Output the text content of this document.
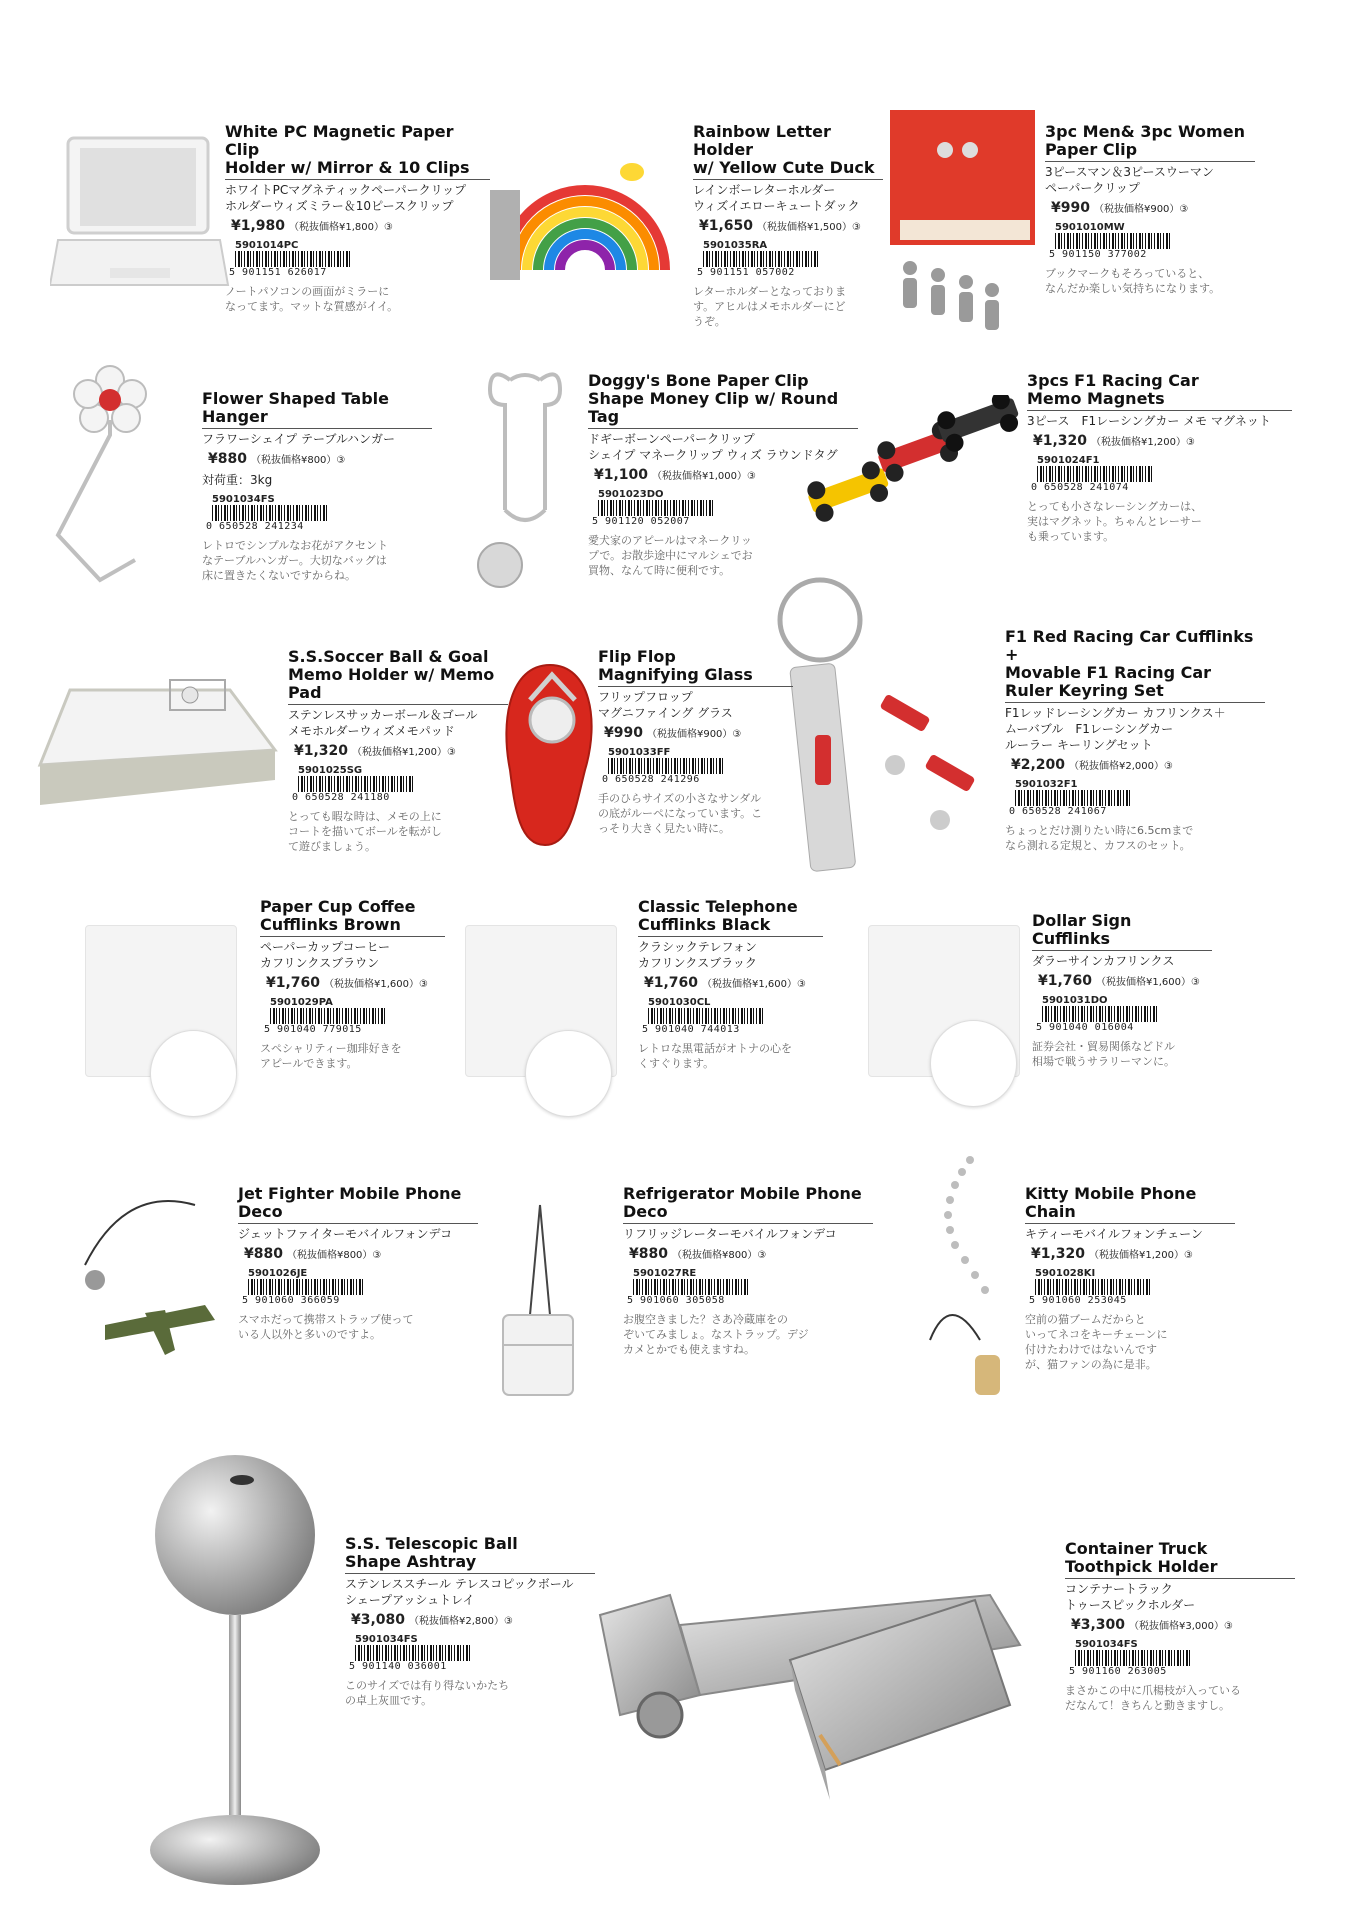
White PC Magnetic Paper Clip
Holder w/ Mirror & 10 Clips
ホワイトPCマグネティックペーパークリップ
ホルダーウィズミラー＆10ピースクリップ
¥1,980 （税抜価格¥1,800）③
5901014PC
5 901151 626017
ノートパソコンの画面がミラーに
なってます。マットな質感がイイ。
Rainbow Letter Holder
w/ Yellow Cute Duck
レインボーレターホルダー
ウィズイエローキュートダック
¥1,650 （税抜価格¥1,500）③
5901035RA
5 901151 057002
レターホルダーとなっておりま
す。アヒルはメモホルダーにど
うぞ。
3pc Men& 3pc Women
Paper Clip
3ピースマン＆3ピースウーマン
ペーパークリップ
¥990 （税抜価格¥900）③
5901010MW
5 901150 377002
ブックマークもそろっていると、
なんだか楽しい気持ちになります。
Flower Shaped Table Hanger
フラワーシェイプ テーブルハンガー
¥880 （税抜価格¥800）③
対荷重：3kg
5901034FS
0 650528 241234
レトロでシンプルなお花がアクセント
なテーブルハンガー。大切なバッグは
床に置きたくないですからね。
Doggy's Bone Paper Clip
Shape Money Clip w/ Round Tag
ドギーボーンペーパークリップ
シェイプ マネークリップ ウィズ ラウンドタグ
¥1,100 （税抜価格¥1,000）③
5901023DO
5 901120 052007
愛犬家のアピールはマネークリッ
プで。お散歩途中にマルシェでお
買物、なんて時に便利です。
3pcs F1 Racing Car
Memo Magnets
3ピース　F1レーシングカー メモ マグネット
¥1,320 （税抜価格¥1,200）③
5901024F1
0 650528 241074
とっても小さなレーシングカーは、
実はマグネット。ちゃんとレーサー
も乗っています。
S.S.Soccer Ball & Goal
Memo Holder w/ Memo Pad
ステンレスサッカーボール＆ゴール
メモホルダーウィズメモパッド
¥1,320 （税抜価格¥1,200）③
5901025SG
0 650528 241180
とっても暇な時は、メモの上に
コートを描いてボールを転がし
て遊びましょう。
Flip Flop
Magnifying Glass
フリップフロップ
マグニファイング グラス
¥990 （税抜価格¥900）③
5901033FF
0 650528 241296
手のひらサイズの小さなサンダル
の底がルーペになっています。こ
っそり大きく見たい時に。
F1 Red Racing Car Cufflinks +
Movable F1 Racing Car
Ruler Keyring Set
F1レッドレーシングカー カフリンクス＋
ムーバブル　F1レーシングカー
ルーラー キーリングセット
¥2,200 （税抜価格¥2,000）③
5901032F1
0 650528 241067
ちょっとだけ測りたい時に6.5cmまで
なら測れる定規と、カフスのセット。
Paper Cup Coffee
Cufflinks Brown
ペーパーカップコーヒー
カフリンクスブラウン
¥1,760 （税抜価格¥1,600）③
5901029PA
5 901040 779015
スペシャリティー珈琲好きを
アピールできます。
Classic Telephone
Cufflinks Black
クラシックテレフォン
カフリンクスブラック
¥1,760 （税抜価格¥1,600）③
5901030CL
5 901040 744013
レトロな黒電話がオトナの心を
くすぐります。
Dollar Sign Cufflinks
ダラーサインカフリンクス
¥1,760 （税抜価格¥1,600）③
5901031DO
5 901040 016004
証券会社・貿易関係などドル
相場で戦うサラリーマンに。
Jet Fighter Mobile Phone Deco
ジェットファイターモバイルフォンデコ
¥880 （税抜価格¥800）③
5901026JE
5 901060 366059
スマホだって携帯ストラップ使って
いる人以外と多いのですよ。
Refrigerator Mobile Phone Deco
リフリッジレーターモバイルフォンデコ
¥880 （税抜価格¥800）③
5901027RE
5 901060 305058
お腹空きました？さあ冷蔵庫をの
ぞいてみましょ。なストラップ。デジ
カメとかでも使えますね。
Kitty Mobile Phone Chain
キティーモバイルフォンチェーン
¥1,320 （税抜価格¥1,200）③
5901028KI
5 901060 253045
空前の猫ブームだからと
いってネコをキーチェーンに
付けたわけではないんです
が、猫ファンの為に是非。
S.S. Telescopic Ball
Shape Ashtray
ステンレススチール テレスコピックボール
シェープアッシュトレイ
¥3,080 （税抜価格¥2,800）③
5901034FS
5 901140 036001
このサイズでは有り得ないかたち
の卓上灰皿です。
Container Truck
Toothpick Holder
コンテナートラック
トゥースピックホルダー
¥3,300 （税抜価格¥3,000）③
5901034FS
5 901160 263005
まさかこの中に爪楊枝が入っている
だなんて！きちんと動きますし。
